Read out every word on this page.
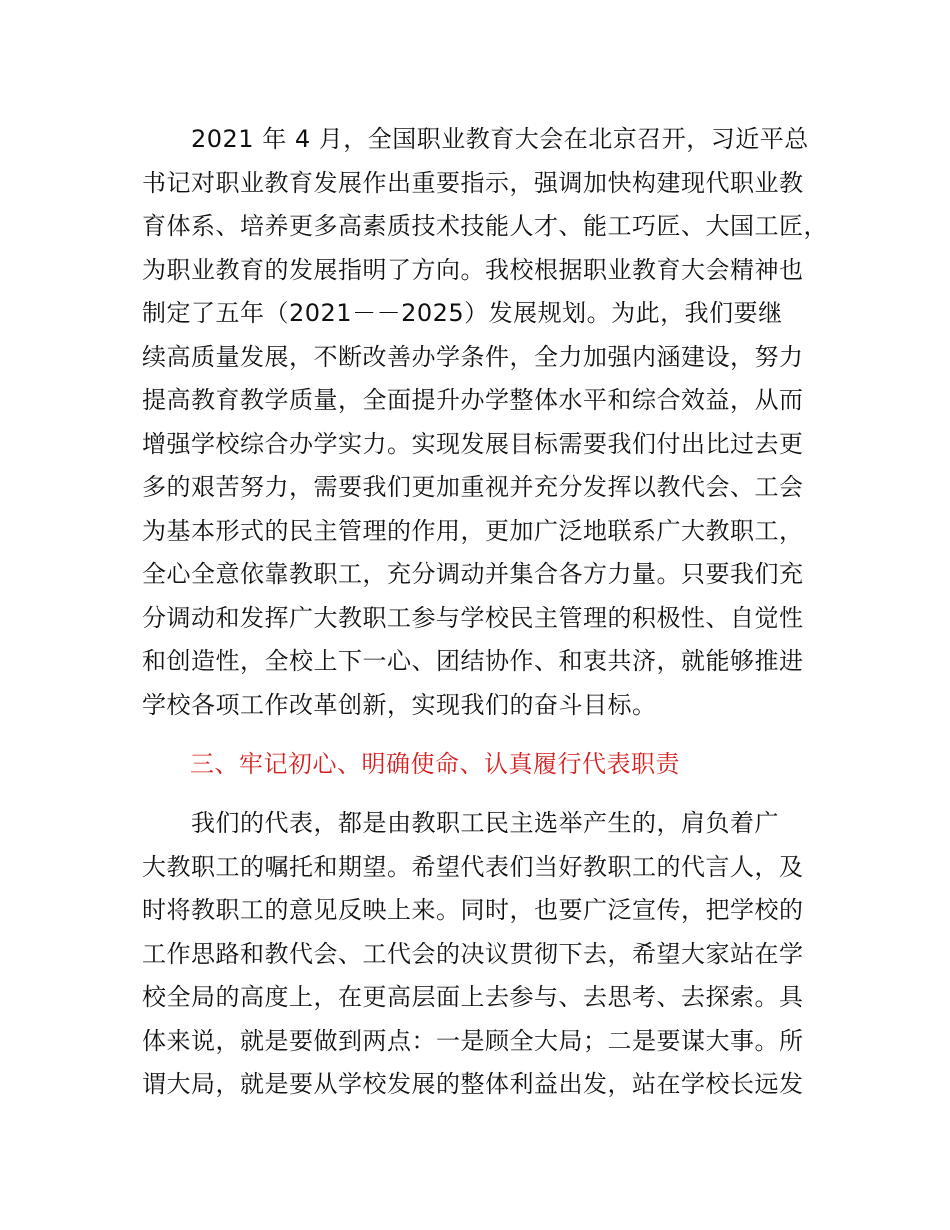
　　2021 年 4 月，全国职业教育大会在北京召开，习近平总
书记对职业教育发展作出重要指示，强调加快构建现代职业教
育体系、培养更多高素质技术技能人才、能工巧匠、大国工匠，
为职业教育的发展指明了方向。我校根据职业教育大会精神也
制定了五年（2021－－2025）发展规划。为此，我们要继
续高质量发展，不断改善办学条件，全力加强内涵建设，努力
提高教育教学质量，全面提升办学整体水平和综合效益，从而
增强学校综合办学实力。实现发展目标需要我们付出比过去更
多的艰苦努力，需要我们更加重视并充分发挥以教代会、工会
为基本形式的民主管理的作用，更加广泛地联系广大教职工，
全心全意依靠教职工，充分调动并集合各方力量。只要我们充
分调动和发挥广大教职工参与学校民主管理的积极性、自觉性
和创造性，全校上下一心、团结协作、和衷共济，就能够推进
学校各项工作改革创新，实现我们的奋斗目标。
三、牢记初心、明确使命、认真履行代表职责
　　我们的代表，都是由教职工民主选举产生的，肩负着广
大教职工的嘱托和期望。希望代表们当好教职工的代言人，及
时将教职工的意见反映上来。同时，也要广泛宣传，把学校的
工作思路和教代会、工代会的决议贯彻下去，希望大家站在学
校全局的高度上，在更高层面上去参与、去思考、去探索。具
体来说，就是要做到两点：一是顾全大局；二是要谋大事。所
谓大局，就是要从学校发展的整体利益出发，站在学校长远发
